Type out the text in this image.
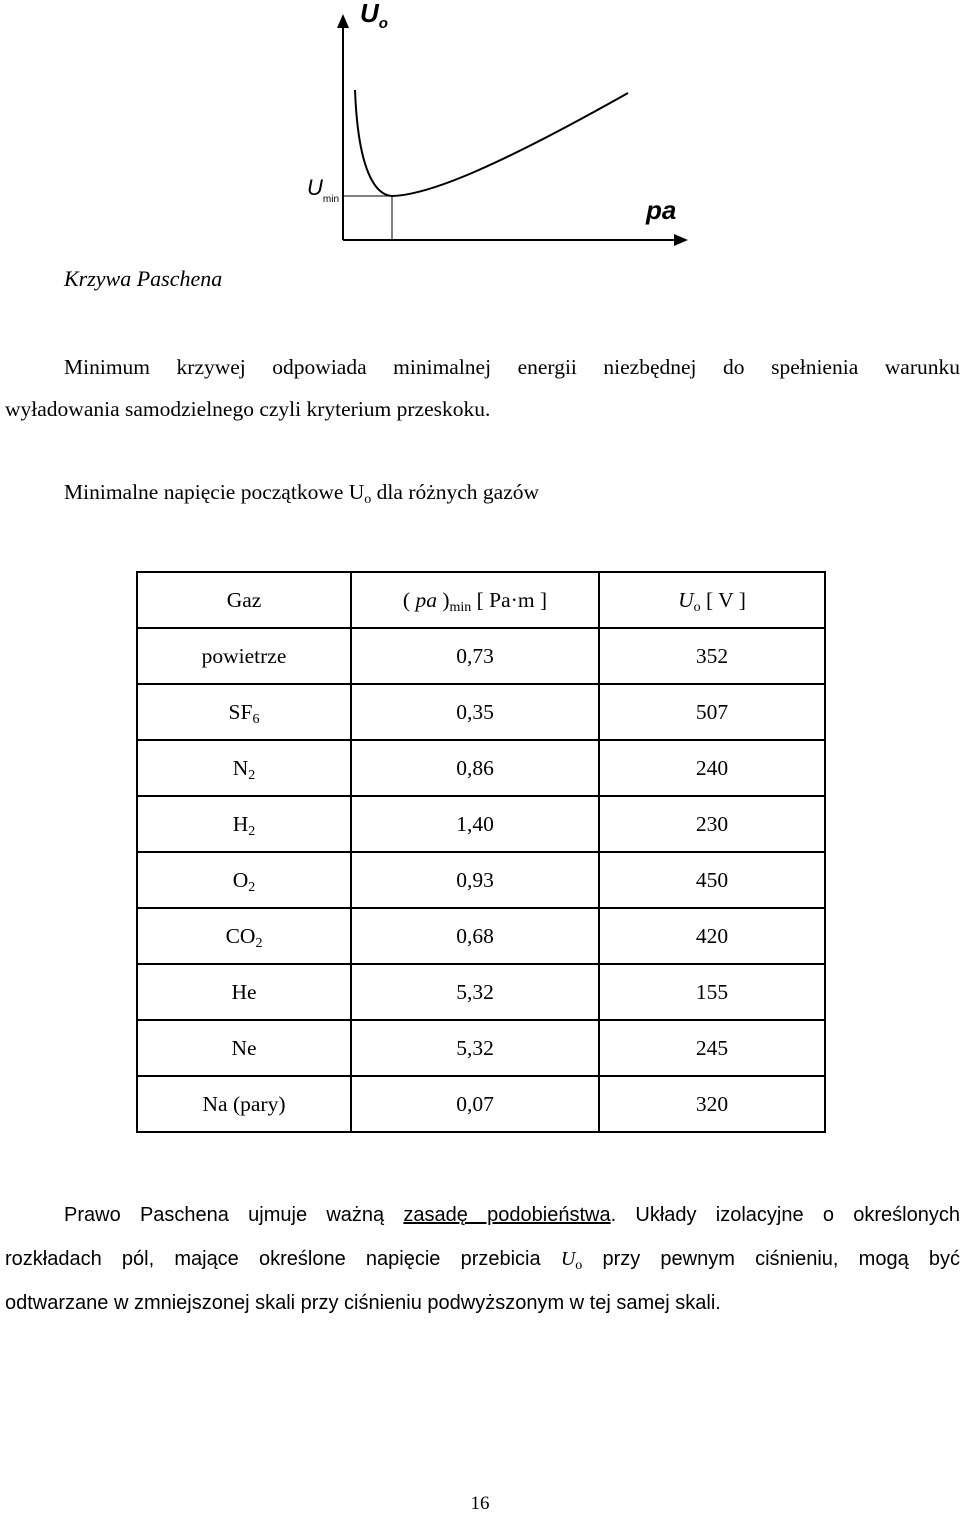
$U_o$
$U_{min}$	pa
Krzywa Paschena
Minimum krzywej odpowiada minimalnej energii niezbędnej do spełnienia warunku
wyładowania samodzielnego czyli kryterium przeskoku.
Minimalne napięcie początkowe $U_o$ dla różnych gazów
Gaz	( pa )$_{min}$ [ Pa·m ]	$U_o$ [ V ]
powietrze	0,73	352
$SF_6$	0,35	507
$N_2$	0,86	240
$H_2$	1,40	230
$O_2$	0,93	450
$CO_2$	0,68	420
He	5,32	155
Ne	5,32	245
Na (pary)	0,07	320
Prawo Paschena ujmuje ważną zasadę podobieństwa. Układy izolacyjne o określonych
rozkładach pól, mające określone napięcie przebicia $U_o$ przy pewnym ciśnieniu, mogą być
odtwarzane w zmniejszonej skali przy ciśnieniu podwyższonym w tej samej skali.
16
